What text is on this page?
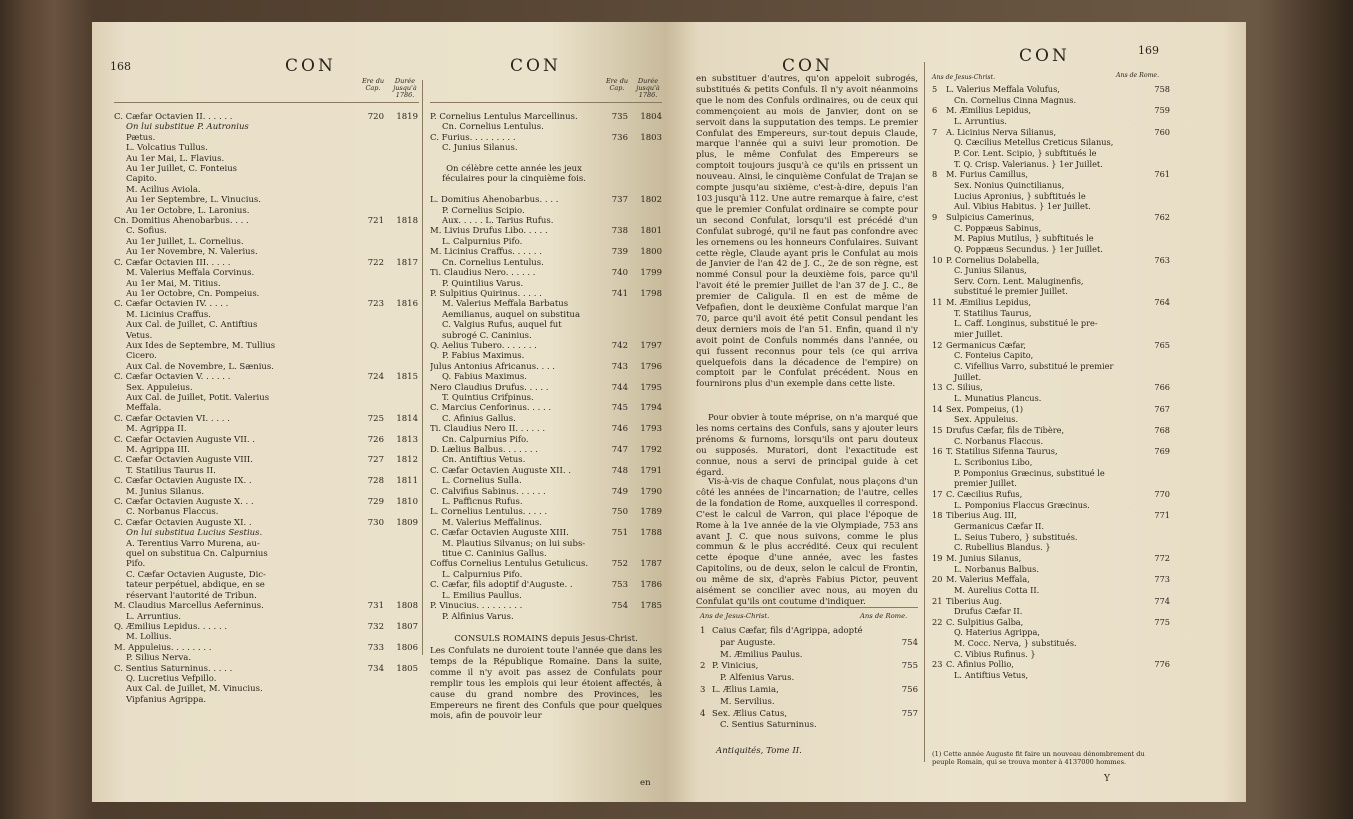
168	CON	CON
Ere du Cap.
Durée jusqu'à 1786.
Ere du Cap.
Durée jusqu'à 1786.
C. Cæfar Octavien II. . . . . .	720	1819
On lui substitue P. Autronius
Pætus.
L. Volcatius Tullus.
Au 1er Mai, L. Flavius.
Au 1er Juillet, C. Fonteius
Capito.
M. Acilius Aviola.
Au 1er Septembre, L. Vinucius.
Au 1er Octobre, L. Laronius.
Cn. Domitius Ahenobarbus. . . .	721	1818
C. Sofius.
Au 1er Juillet, L. Cornelius.
Au 1er Novembre, N. Valerius.
C. Cæfar Octavien III. . . . .	722	1817
M. Valerius Meffala Corvinus.
Au 1er Mai, M. Titius.
Au 1er Octobre, Cn. Pompeius.
C. Cæfar Octavien IV. . . . .	723	1816
M. Licinius Craffus.
Aux Cal. de Juillet, C. Antiftius
Vetus.
Aux Ides de Septembre, M. Tullius
Cicero.
Aux Cal. de Novembre, L. Sænius.
C. Cæfar Octavien V. . . . . .	724	1815
Sex. Appuleius.
Aux Cal. de Juillet, Potit. Valerius
Meffala.
C. Cæfar Octavien VI. . . . .	725	1814
M. Agrippa II.
C. Cæfar Octavien Auguste VII. .	726	1813
M. Agrippa III.
C. Cæfar Octavien Auguste VIII.	727	1812
T. Statilius Taurus II.
C. Cæfar Octavien Auguste IX. .	728	1811
M. Junius Silanus.
C. Cæfar Octavien Auguste X. . .	729	1810
C. Norbanus Flaccus.
C. Cæfar Octavien Auguste XI. .	730	1809
On lui substitua Lucius Sestius.
A. Terentius Varro Murena, au-
quel on substitua Cn. Calpurnius
Pifo.
C. Cæfar Octavien Auguste, Dic-
tateur perpétuel, abdique, en se
réservant l'autorité de Tribun.
M. Claudius Marcellus Aeferninus.	731	1808
L. Arruntius.
Q. Æmilius Lepidus. . . . . .	732	1807
M. Lollius.
M. Appuleius. . . . . . . .	733	1806
P. Silius Nerva.
C. Sentius Saturninus. . . . .	734	1805
Q. Lucretius Vefpillo.
Aux Cal. de Juillet, M. Vinucius.
Vipfanius Agrippa.
P. Cornelius Lentulus Marcellinus.	735	1804
Cn. Cornelius Lentulus.
C. Furius. . . . . . . . .	736	1803
C. Junius Silanus.

On célèbre cette année les jeux
féculaires pour la cinquième fois.

L. Domitius Ahenobarbus. . . .	737	1802
P. Cornelius Scipio.
Aux. . . . . L. Tarius Rufus.
M. Livius Drufus Libo. . . . .	738	1801
L. Calpurnius Pifo.
M. Licinius Craffus. . . . . .	739	1800
Cn. Cornelius Lentulus.
Ti. Claudius Nero. . . . . .	740	1799
P. Quintilius Varus.
P. Sulpitius Quirinus. . . . .	741	1798
M. Valerius Meffala Barbatus
Aemilianus, auquel on substitua
C. Valgius Rufus, auquel fut
subrogé C. Caninius.
Q. Aelius Tubero. . . . . . .	742	1797
P. Fabius Maximus.
Julus Antonius Africanus. . . .	743	1796
Q. Fabius Maximus.
Nero Claudius Drufus. . . . .	744	1795
T. Quintius Crifpinus.
C. Marcius Cenforinus. . . . .	745	1794
C. Afinius Gallus.
Ti. Claudius Nero II. . . . . .	746	1793
Cn. Calpurnius Pifo.
D. Lælius Balbus. . . . . . .	747	1792
Cn. Antiftius Vetus.
C. Cæfar Octavien Auguste XII. .	748	1791
L. Cornelius Sulla.
C. Calvifius Sabinus. . . . . .	749	1790
L. Pafficnus Rufus.
L. Cornelius Lentulus. . . . .	750	1789
M. Valerius Meffalinus.
C. Cæfar Octavien Auguste XIII.	751	1788
M. Plautius Silvanus; on lui subs-
titue C. Caninius Gallus.
Coffus Cornelius Lentulus Getulicus.	752	1787
L. Calpurnius Pifo.
C. Cæfar, fils adoptif d'Auguste. .	753	1786
L. Emilius Paullus.
P. Vinucius. . . . . . . . .	754	1785
P. Alfinius Varus.
CONSULS ROMAINS depuis Jesus-Christ.
Les Confulats ne duroient toute l'année que dans les temps de la République Romaine. Dans la suite, comme il n'y avoit pas assez de Confulats pour remplir tous les emplois qui leur étoient affectés, à cause du grand nombre des Provinces, les Empereurs ne firent des Confuls que pour quelques mois, afin de pouvoir leur
en
CON	CON	169
en substituer d'autres, qu'on appeloit subrogés, substitués & petits Confuls. Il n'y avoit néanmoins que le nom des Confuls ordinaires, ou de ceux qui commençoient au mois de Janvier, dont on se servoit dans la supputation des temps. Le premier Confulat des Empereurs, sur-tout depuis Claude, marque l'année qui a suivi leur promotion. De plus, le même Confulat des Empereurs se comptoit toujours jusqu'à ce qu'ils en prissent un nouveau. Ainsi, le cinquième Confulat de Trajan se compte jusqu'au sixième, c'est-à-dire, depuis l'an 103 jusqu'à 112. Une autre remarque à faire, c'est que le premier Confulat ordinaire se compte pour un second Confulat, lorsqu'il est précédé d'un Confulat subrogé, qu'il ne faut pas confondre avec les ornemens ou les honneurs Confulaires. Suivant cette règle, Claude ayant pris le Confulat au mois de Janvier de l'an 42 de J. C., 2e de son règne, est nommé Consul pour la deuxième fois, parce qu'il l'avoit été le premier Juillet de l'an 37 de J. C., 8e premier de Caligula. Il en est de même de Vefpafien, dont le deuxième Confulat marque l'an 70, parce qu'il avoit été petit Consul pendant les deux derniers mois de l'an 51. Enfin, quand il n'y avoit point de Confuls nommés dans l'année, ou qui fussent reconnus pour tels (ce qui arriva quelquefois dans la décadence de l'empire) on comptoit par le Confulat précédent. Nous en fournirons plus d'un exemple dans cette liste.
Pour obvier à toute méprise, on n'a marqué que les noms certains des Confuls, sans y ajouter leurs prénoms & furnoms, lorsqu'ils ont paru douteux ou supposés. Muratori, dont l'exactitude est connue, nous a servi de principal guide à cet égard.
Vis-à-vis de chaque Confulat, nous plaçons d'un côté les années de l'incarnation; de l'autre, celles de la fondation de Rome, auxquelles il correspond. C'est le calcul de Varron, qui place l'époque de Rome à la 1ve année de la vie Olympiade, 753 ans avant J. C. que nous suivons, comme le plus commun & le plus accrédité. Ceux qui reculent cette époque d'une année, avec les fastes Capitolins, ou de deux, selon le calcul de Frontin, ou même de six, d'après Fabius Pictor, peuvent aisément se concilier avec nous, au moyen du Confulat qu'ils ont coutume d'indiquer.
Ans de Jesus-Christ.	Ans de Rome.
1 Caius Cæfar, fils d'Agrippa, adopté
par Auguste.	754
M. Æmilius Paulus.
2 P. Vinicius,	755
P. Alfenius Varus.
3 L. Ælius Lamia,	756
M. Servilius.
4 Sex. Ælius Catus,	757
C. Sentius Saturninus.
Antiquités, Tome II.
Ans de Jesus-Christ.	Ans de Rome.
5	L. Valerius Meffala Volufus,	758
Cn. Cornelius Cinna Magnus.
6	M. Æmilius Lepidus,	759
L. Arruntius.
7	A. Licinius Nerva Silianus,	760
Q. Cæcilius Metellus Creticus Silanus,
P. Cor. Lent. Scipio, } subftitués le
T. Q. Crisp. Valerianus. } 1er Juillet.
8	M. Furius Camillus,	761
Sex. Nonius Quinctilianus,
Lucius Apronius, } subftitués le
Aul. Vibius Habitus. } 1er Juillet.
9	Sulpicius Camerinus,	762
C. Poppæus Sabinus,
M. Papius Mutilus, } subftitués le
Q. Poppæus Secundus. } 1er Juillet.
10 P. Cornelius Dolabella,	763
C. Junius Silanus,
Serv. Corn. Lent. Maluginenfis,
substitué le premier Juillet.
11 M. Æmilius Lepidus,	764
T. Statilius Taurus,
L. Caff. Longinus, substitué le pre-
mier Juillet.
12 Germanicus Cæfar,	765
C. Fonteius Capito,
C. Vifellius Varro, substitué le premier
Juillet.
13 C. Silius,	766
L. Munatius Plancus.
14 Sex. Pompeius, (1)	767
Sex. Appuleius.
15 Drufus Cæfar, fils de Tibère,	768
C. Norbanus Flaccus.
16 T. Statilius Sifenna Taurus,	769
L. Scribonius Libo,
P. Pomponius Græcinus, substitué le
premier Juillet.
17 C. Cæcilius Rufus,	770
L. Pomponius Flaccus Græcinus.
18 Tiberius Aug. III,	771
Germanicus Cæfar II.
L. Seius Tubero, } substitués.
C. Rubellius Blandus. }
19 M. Junius Silanus,	772
L. Norbanus Balbus.
20 M. Valerius Meffala,	773
M. Aurelius Cotta II.
21 Tiberius Aug.	774
Drufus Cæfar II.
22 C. Sulpitius Galba,	775
Q. Haterius Agrippa,
M. Cocc. Nerva, } substitués.
C. Vibius Rufinus. }
23 C. Afinius Pollio,	776
L. Antiftius Vetus,
(1) Cette année Auguste fit faire un nouveau dénombrement du peuple Romain, qui se trouva monter à 4137000 hommes.
Y
